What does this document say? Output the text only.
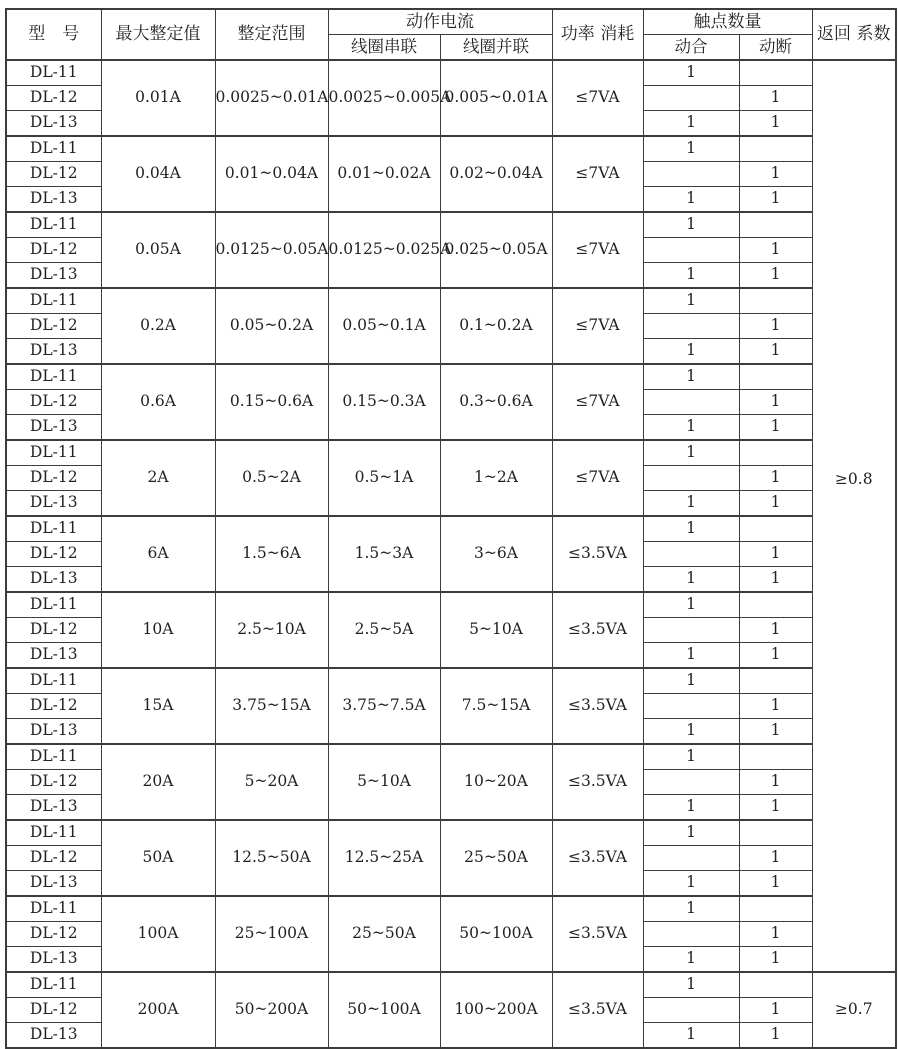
型　号	最大整定值	整定范围	动作电流		功率 消耗	触点数量		返回 系数
			线圈串联	线圈并联		动合	动断	
DL-11	0.01A	0.0025~0.01A	0.0025~0.005A	0.005~0.01A	≤7VA	1		≥0.8
DL-12							1	
DL-13						1	1	
DL-11	0.04A	0.01~0.04A	0.01~0.02A	0.02~0.04A	≤7VA	1		
DL-12							1	
DL-13						1	1	
DL-11	0.05A	0.0125~0.05A	0.0125~0.025A	0.025~0.05A	≤7VA	1		
DL-12							1	
DL-13						1	1	
DL-11	0.2A	0.05~0.2A	0.05~0.1A	0.1~0.2A	≤7VA	1		
DL-12							1	
DL-13						1	1	
DL-11	0.6A	0.15~0.6A	0.15~0.3A	0.3~0.6A	≤7VA	1		
DL-12							1	
DL-13						1	1	
DL-11	2A	0.5~2A	0.5~1A	1~2A	≤7VA	1		
DL-12							1	
DL-13						1	1	
DL-11	6A	1.5~6A	1.5~3A	3~6A	≤3.5VA	1		
DL-12							1	
DL-13						1	1	
DL-11	10A	2.5~10A	2.5~5A	5~10A	≤3.5VA	1		
DL-12							1	
DL-13						1	1	
DL-11	15A	3.75~15A	3.75~7.5A	7.5~15A	≤3.5VA	1		
DL-12							1	
DL-13						1	1	
DL-11	20A	5~20A	5~10A	10~20A	≤3.5VA	1		
DL-12							1	
DL-13						1	1	
DL-11	50A	12.5~50A	12.5~25A	25~50A	≤3.5VA	1		
DL-12							1	
DL-13						1	1	
DL-11	100A	25~100A	25~50A	50~100A	≤3.5VA	1		
DL-12							1	
DL-13						1	1	
DL-11	200A	50~200A	50~100A	100~200A	≤3.5VA	1		≥0.7
DL-12							1	
DL-13						1	1	
